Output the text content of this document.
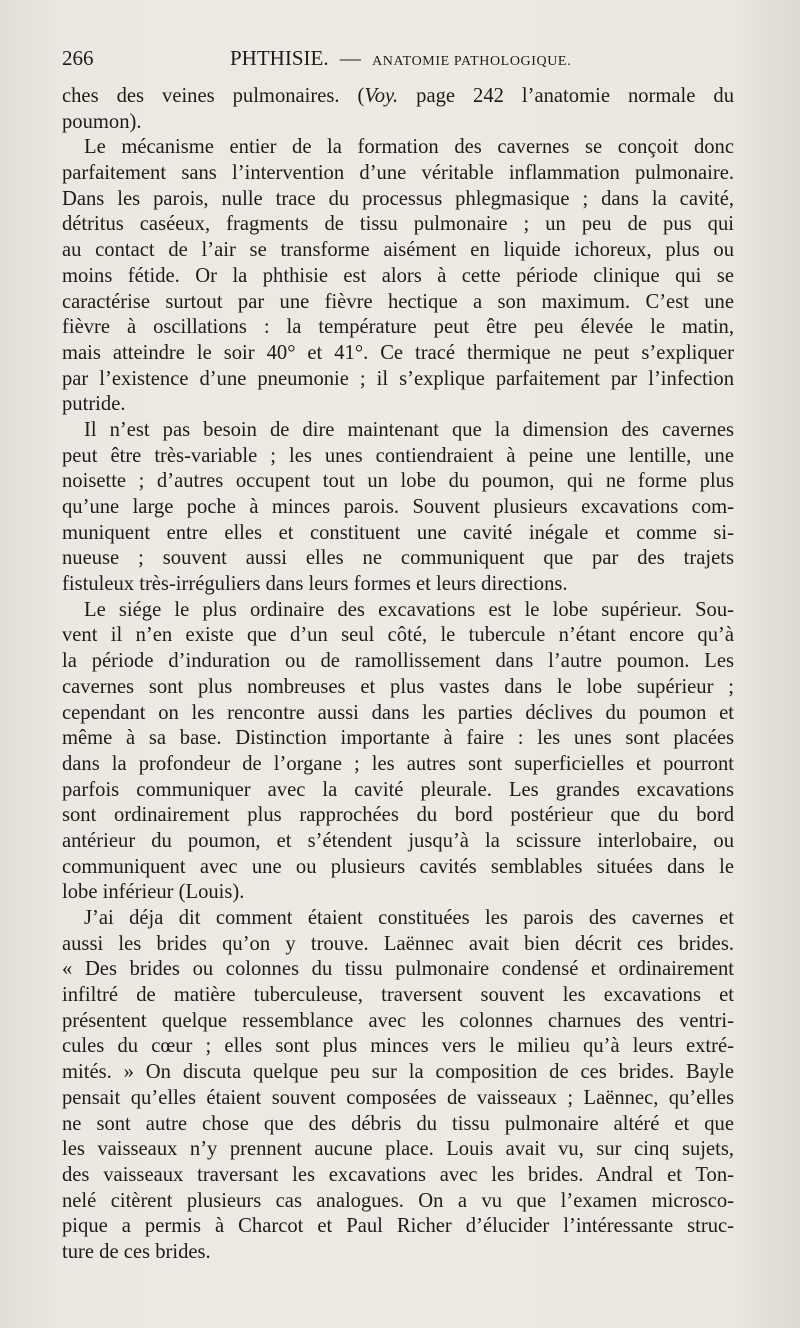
266	PHTHISIE. — ANATOMIE PATHOLOGIQUE.
ches des veines pulmonaires. (Voy. page 242 l’anatomie normale du
poumon).
Le mécanisme entier de la formation des cavernes se conçoit donc
parfaitement sans l’intervention d’une véritable inflammation pulmonaire.
Dans les parois, nulle trace du processus phlegmasique ; dans la cavité,
détritus caséeux, fragments de tissu pulmonaire ; un peu de pus qui
au contact de l’air se transforme aisément en liquide ichoreux, plus ou
moins fétide. Or la phthisie est alors à cette période clinique qui se
caractérise surtout par une fièvre hectique a son maximum. C’est une
fièvre à oscillations : la température peut être peu élevée le matin,
mais atteindre le soir 40° et 41°. Ce tracé thermique ne peut s’expliquer
par l’existence d’une pneumonie ; il s’explique parfaitement par l’infection
putride.
Il n’est pas besoin de dire maintenant que la dimension des cavernes
peut être très-variable ; les unes contiendraient à peine une lentille, une
noisette ; d’autres occupent tout un lobe du poumon, qui ne forme plus
qu’une large poche à minces parois. Souvent plusieurs excavations com-
muniquent entre elles et constituent une cavité inégale et comme si-
nueuse ; souvent aussi elles ne communiquent que par des trajets
fistuleux très-irréguliers dans leurs formes et leurs directions.
Le siége le plus ordinaire des excavations est le lobe supérieur. Sou-
vent il n’en existe que d’un seul côté, le tubercule n’étant encore qu’à
la période d’induration ou de ramollissement dans l’autre poumon. Les
cavernes sont plus nombreuses et plus vastes dans le lobe supérieur ;
cependant on les rencontre aussi dans les parties déclives du poumon et
même à sa base. Distinction importante à faire : les unes sont placées
dans la profondeur de l’organe ; les autres sont superficielles et pourront
parfois communiquer avec la cavité pleurale. Les grandes excavations
sont ordinairement plus rapprochées du bord postérieur que du bord
antérieur du poumon, et s’étendent jusqu’à la scissure interlobaire, ou
communiquent avec une ou plusieurs cavités semblables situées dans le
lobe inférieur (Louis).
J’ai déja dit comment étaient constituées les parois des cavernes et
aussi les brides qu’on y trouve. Laënnec avait bien décrit ces brides.
« Des brides ou colonnes du tissu pulmonaire condensé et ordinairement
infiltré de matière tuberculeuse, traversent souvent les excavations et
présentent quelque ressemblance avec les colonnes charnues des ventri-
cules du cœur ; elles sont plus minces vers le milieu qu’à leurs extré-
mités. » On discuta quelque peu sur la composition de ces brides. Bayle
pensait qu’elles étaient souvent composées de vaisseaux ; Laënnec, qu’elles
ne sont autre chose que des débris du tissu pulmonaire altéré et que
les vaisseaux n’y prennent aucune place. Louis avait vu, sur cinq sujets,
des vaisseaux traversant les excavations avec les brides. Andral et Ton-
nelé citèrent plusieurs cas analogues. On a vu que l’examen microsco-
pique a permis à Charcot et Paul Richer d’élucider l’intéressante struc-
ture de ces brides.
